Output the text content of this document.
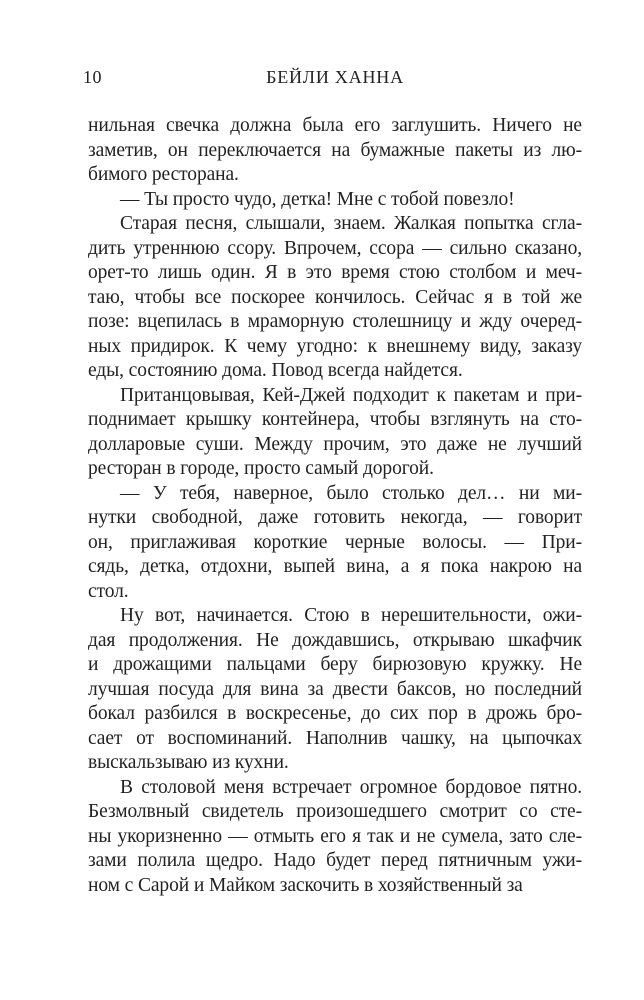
10	БЕЙЛИ ХАННА
нильная свечка должна была его заглушить. Ничего не
заметив, он переключается на бумажные пакеты из лю-
бимого ресторана.
— Ты просто чудо, детка! Мне с тобой повезло!
Старая песня, слышали, знаем. Жалкая попытка сгла-
дить утреннюю ссору. Впрочем, ссора — сильно сказано,
орет-то лишь один. Я в это время стою столбом и меч-
таю, чтобы все поскорее кончилось. Сейчас я в той же
позе: вцепилась в мраморную столешницу и жду очеред-
ных придирок. К чему угодно: к внешнему виду, заказу
еды, состоянию дома. Повод всегда найдется.
Пританцовывая, Кей-Джей подходит к пакетам и при-
поднимает крышку контейнера, чтобы взглянуть на сто-
долларовые суши. Между прочим, это даже не лучший
ресторан в городе, просто самый дорогой.
— У тебя, наверное, было столько дел… ни ми-
нутки свободной, даже готовить некогда, — говорит
он, приглаживая короткие черные волосы. — При-
сядь, детка, отдохни, выпей вина, а я пока накрою на
стол.
Ну вот, начинается. Стою в нерешительности, ожи-
дая продолжения. Не дождавшись, открываю шкафчик
и дрожащими пальцами беру бирюзовую кружку. Не
лучшая посуда для вина за двести баксов, но последний
бокал разбился в воскресенье, до сих пор в дрожь бро-
сает от воспоминаний. Наполнив чашку, на цыпочках
выскальзываю из кухни.
В столовой меня встречает огромное бордовое пятно.
Безмолвный свидетель произошедшего смотрит со сте-
ны укоризненно — отмыть его я так и не сумела, зато сле-
зами полила щедро. Надо будет перед пятничным ужи-
ном с Сарой и Майком заскочить в хозяйственный за
